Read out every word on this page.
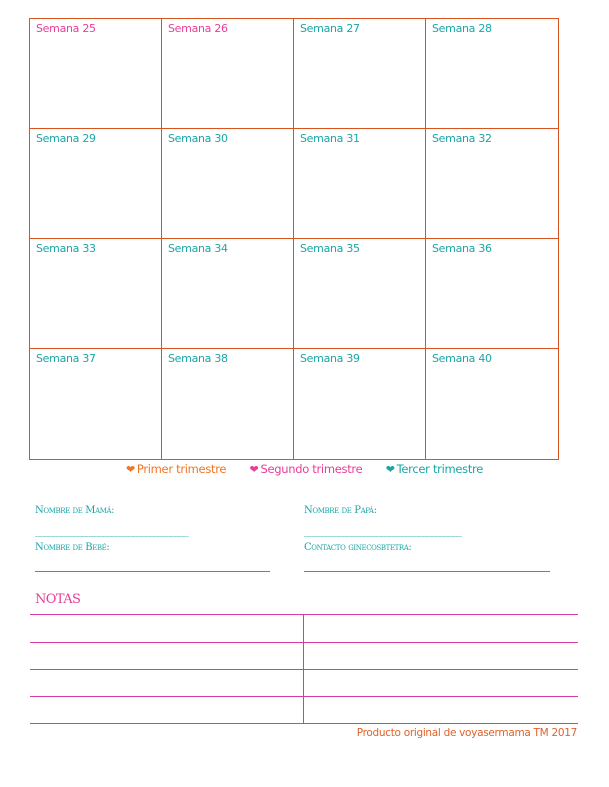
Semana 25	Semana 26	Semana 27	Semana 28
Semana 29	Semana 30	Semana 31	Semana 32
Semana 33	Semana 34	Semana 35	Semana 36
Semana 37	Semana 38	Semana 39	Semana 40
❤ Primer trimestre ❤ Segundo trimestre ❤ Tercer trimestre
Nombre de Mamá:
____________________________________
Nombre de Papá:
_____________________________________
Nombre de Bebé:	Contacto ginecosbtetra:
NOTAS
Producto original de voyasermama TM 2017
